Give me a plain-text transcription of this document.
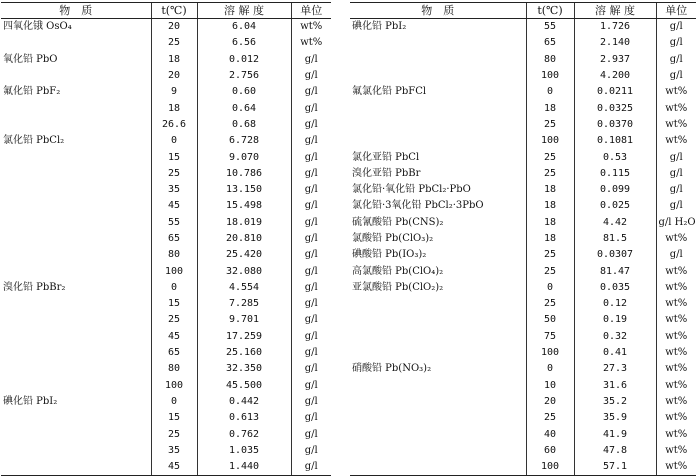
物　质	t(℃)	溶 解 度	单位
四氧化锇 OsO₄	20	6.04	wt%
	25	6.56	wt%
氧化铅 PbO	18	0.012	g/l
	20	2.756	g/l
氟化铅 PbF₂	9	0.60	g/l
	18	0.64	g/l
	26.6	0.68	g/l
氯化铅 PbCl₂	0	6.728	g/l
	15	9.070	g/l
	25	10.786	g/l
	35	13.150	g/l
	45	15.498	g/l
	55	18.019	g/l
	65	20.810	g/l
	80	25.420	g/l
	100	32.080	g/l
溴化铅 PbBr₂	0	4.554	g/l
	15	7.285	g/l
	25	9.701	g/l
	45	17.259	g/l
	65	25.160	g/l
	80	32.350	g/l
	100	45.500	g/l
碘化铅 PbI₂	0	0.442	g/l
	15	0.613	g/l
	25	0.762	g/l
	35	1.035	g/l
	45	1.440	g/l
物　质	t(℃)	溶 解 度	单位
碘化铅 PbI₂	55	1.726	g/l
	65	2.140	g/l
	80	2.937	g/l
	100	4.200	g/l
氟氯化铅 PbFCl	0	0.0211	wt%
	18	0.0325	wt%
	25	0.0370	wt%
	100	0.1081	wt%
氯化亚铅 PbCl	25	0.53	g/l
溴化亚铅 PbBr	25	0.115	g/l
氯化铅·氧化铅 PbCl₂·PbO	18	0.099	g/l
氯化铅·3氧化铅 PbCl₂·3PbO	18	0.025	g/l
硫氰酸铅 Pb(CNS)₂	18	4.42	g/l H₂O
氯酸铅 Pb(ClO₃)₂	18	81.5	wt%
碘酸铅 Pb(IO₃)₂	25	0.0307	g/l
高氯酸铅 Pb(ClO₄)₂	25	81.47	wt%
亚氯酸铅 Pb(ClO₂)₂	0	0.035	wt%
	25	0.12	wt%
	50	0.19	wt%
	75	0.32	wt%
	100	0.41	wt%
硝酸铅 Pb(NO₃)₂	0	27.3	wt%
	10	31.6	wt%
	20	35.2	wt%
	25	35.9	wt%
	40	41.9	wt%
	60	47.8	wt%
	100	57.1	wt%
